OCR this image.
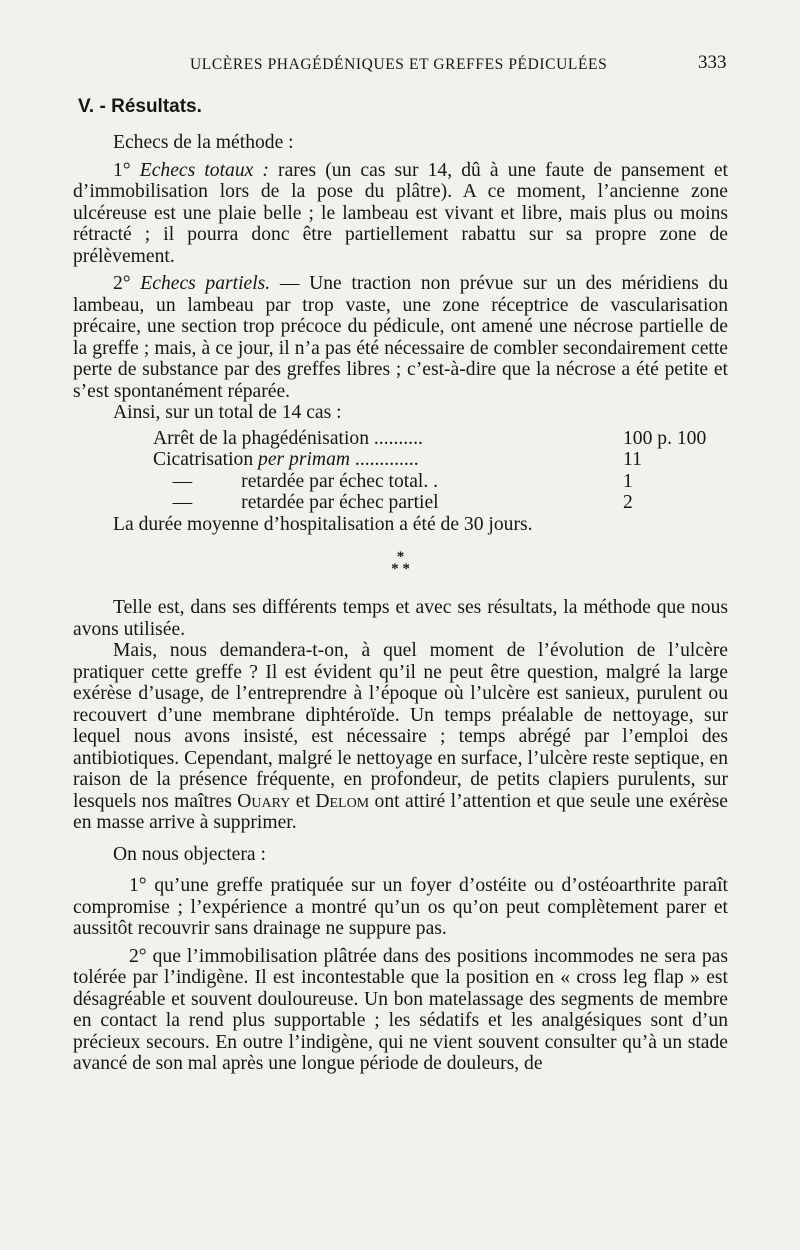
ULCÈRES PHAGÉDÉNIQUES ET GREFFES PÉDICULÉES	333
V. - Résultats.

Echecs de la méthode :

1° Echecs totaux : rares (un cas sur 14, dû à une faute de pansement et d’immobilisation lors de la pose du plâtre). A ce moment, l’ancienne zone ulcéreuse est une plaie belle ; le lambeau est vivant et libre, mais plus ou moins rétracté ; il pourra donc être partiellement rabattu sur sa propre zone de prélèvement.

2° Echecs partiels. — Une traction non prévue sur un des méridiens du lambeau, un lambeau par trop vaste, une zone réceptrice de vascularisation précaire, une section trop précoce du pédicule, ont amené une nécrose partielle de la greffe ; mais, à ce jour, il n’a pas été nécessaire de combler secondairement cette perte de substance par des greffes libres ; c’est-à-dire que la nécrose a été petite et s’est spontanément réparée.

Ainsi, sur un total de 14 cas :

Arrêt de la phagédénisation ..........	100 p. 100
Cicatrisation per primam .............	11
—          retardée par échec total. .	1
—          retardée par échec partiel	2

La durée moyenne d’hospitalisation a été de 30 jours.

*
* *

Telle est, dans ses différents temps et avec ses résultats, la méthode que nous avons utilisée.

Mais, nous demandera-t-on, à quel moment de l’évolution de l’ulcère pratiquer cette greffe ? Il est évident qu’il ne peut être question, malgré la large exérèse d’usage, de l’entreprendre à l’époque où l’ulcère est sanieux, purulent ou recouvert d’une membrane diphtéroïde. Un temps préalable de nettoyage, sur lequel nous avons insisté, est nécessaire ; temps abrégé par l’emploi des antibiotiques. Cependant, malgré le nettoyage en surface, l’ulcère reste septique, en raison de la présence fréquente, en profondeur, de petits clapiers purulents, sur lesquels nos maîtres Ouary et Delom ont attiré l’attention et que seule une exérèse en masse arrive à supprimer.

On nous objectera :

1° qu’une greffe pratiquée sur un foyer d’ostéite ou d’ostéoarthrite paraît compromise ; l’expérience a montré qu’un os qu’on peut complètement parer et aussitôt recouvrir sans drainage ne suppure pas.

2° que l’immobilisation plâtrée dans des positions incommodes ne sera pas tolérée par l’indigène. Il est incontestable que la position en « cross leg flap » est désagréable et souvent douloureuse. Un bon matelassage des segments de membre en contact la rend plus supportable ; les sédatifs et les analgésiques sont d’un précieux secours. En outre l’indigène, qui ne vient souvent consulter qu’à un stade avancé de son mal après une longue période de douleurs, de
